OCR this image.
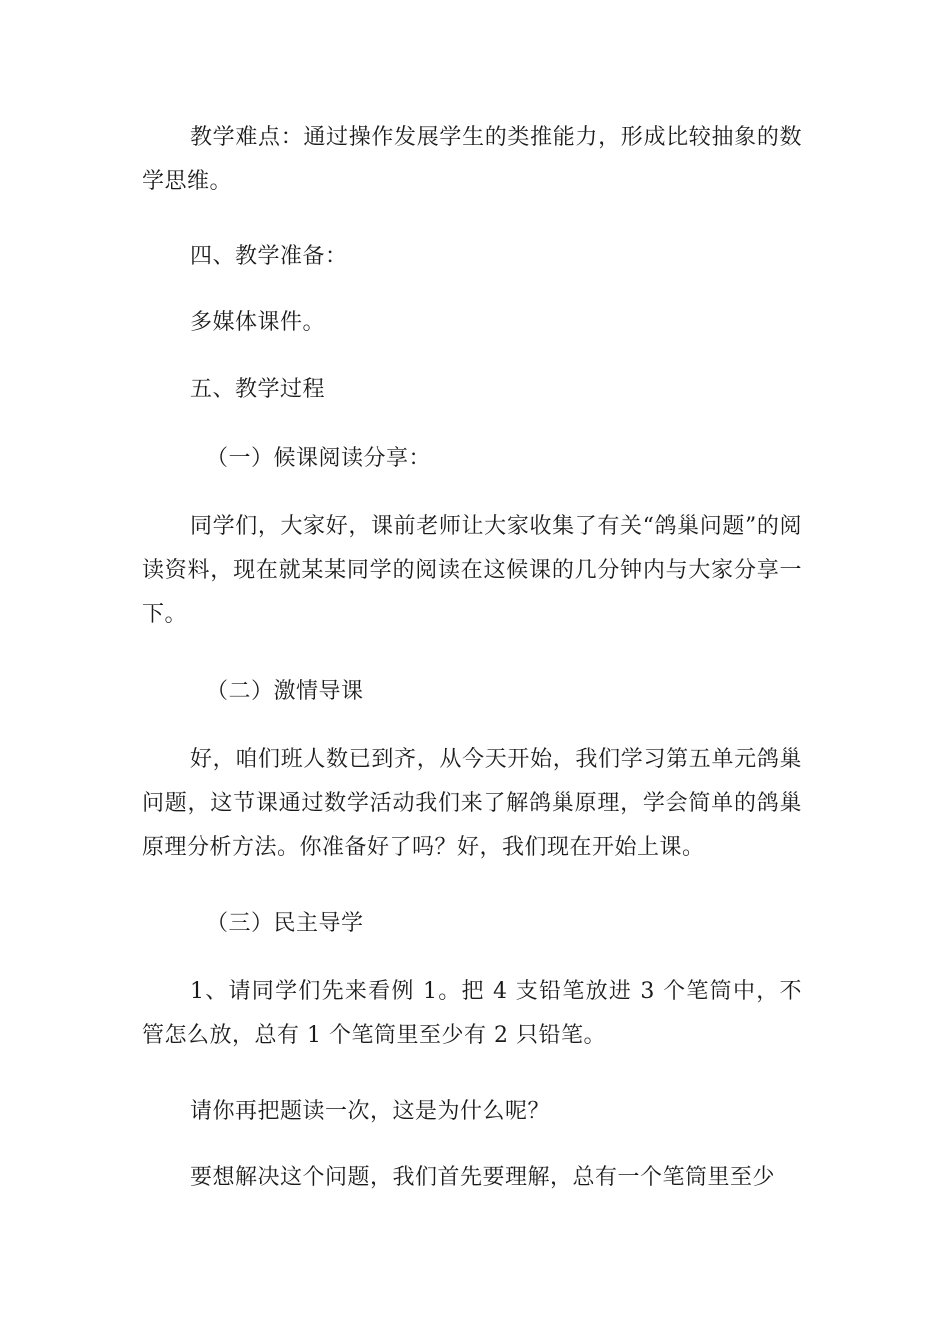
教学难点：通过操作发展学生的类推能力，形成比较抽象的数学思维。

四、教学准备：

多媒体课件。

五、教学过程

（一）候课阅读分享：

同学们，大家好，课前老师让大家收集了有关“鸽巢问题”的阅读资料，现在就某某同学的阅读在这候课的几分钟内与大家分享一下。

（二）激情导课

好，咱们班人数已到齐，从今天开始，我们学习第五单元鸽巢问题，这节课通过数学活动我们来了解鸽巢原理，学会简单的鸽巢原理分析方法。你准备好了吗？好，我们现在开始上课。

（三）民主导学

1、请同学们先来看例 1。把 4 支铅笔放进 3 个笔筒中，不管怎么放，总有 1 个笔筒里至少有 2 只铅笔。

请你再把题读一次，这是为什么呢？

要想解决这个问题，我们首先要理解，总有一个笔筒里至少
